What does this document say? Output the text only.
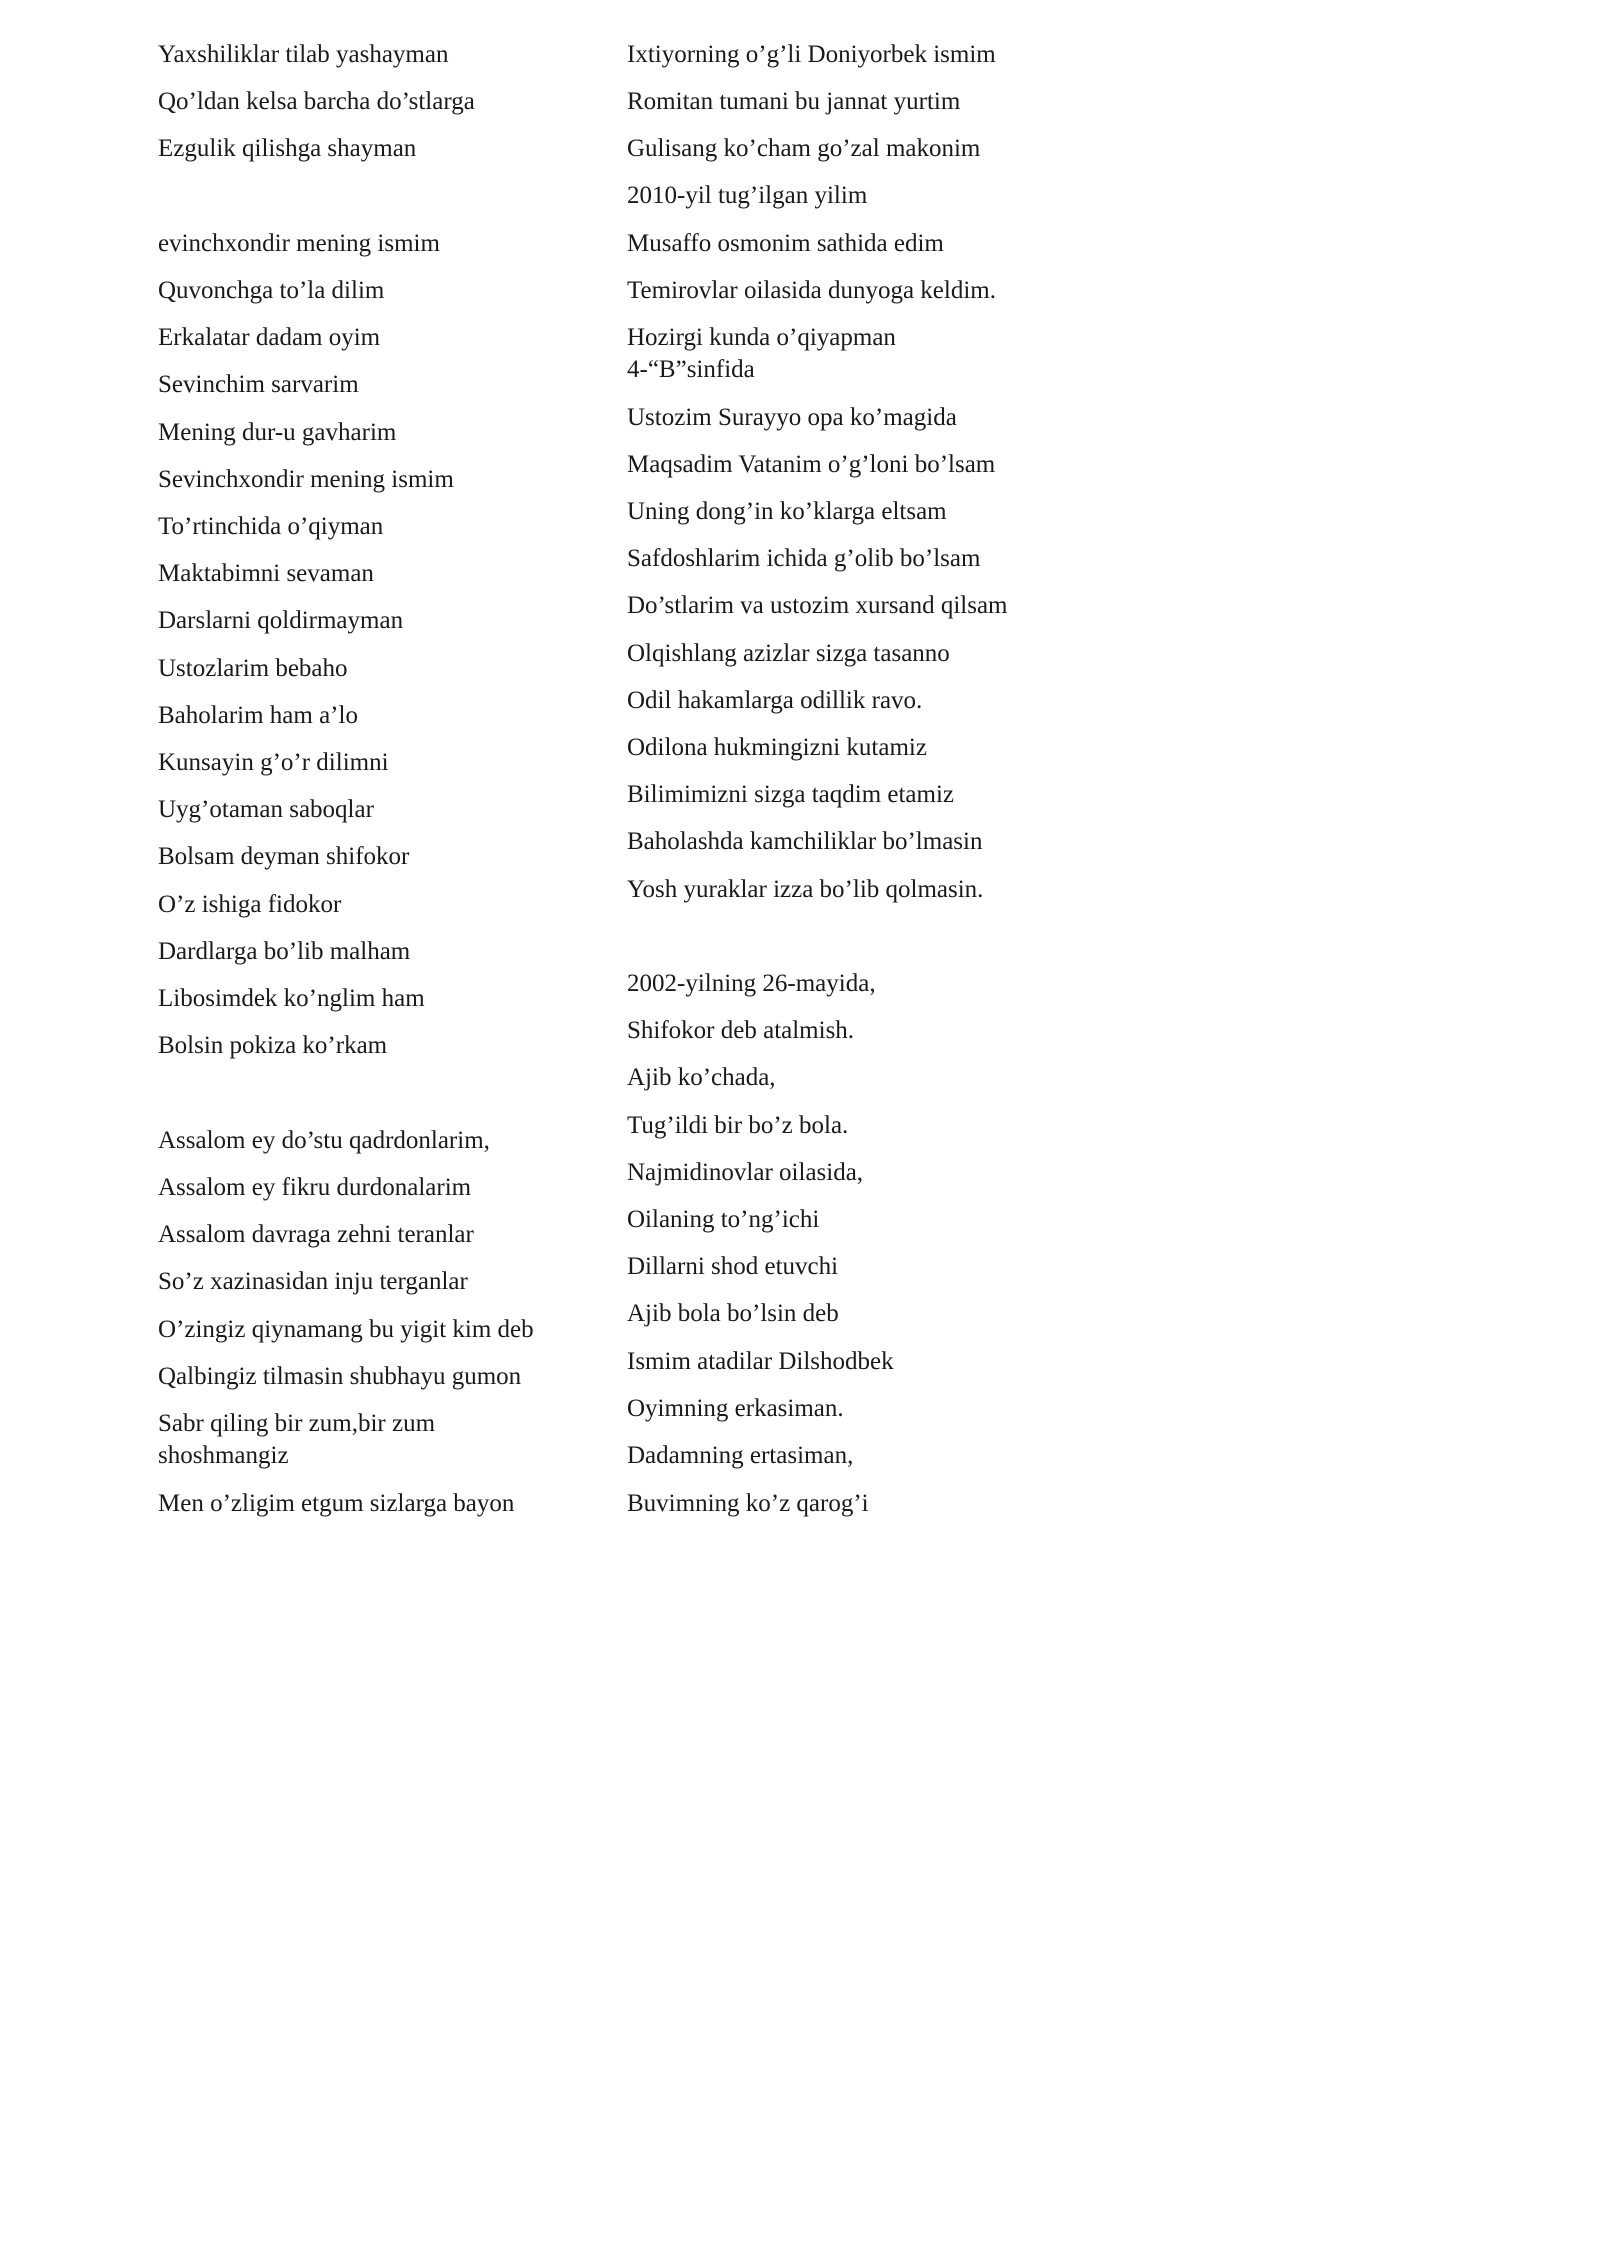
Yaxshiliklar tilab yashayman
Qo’ldan kelsa barcha do’stlarga
Ezgulik qilishga shayman
evinchxondir mening ismim
Quvonchga to’la dilim
Erkalatar dadam oyim
Sevinchim sarvarim
Mening dur-u gavharim
Sevinchxondir mening ismim
To’rtinchida o’qiyman
Maktabimni sevaman
Darslarni qoldirmayman
Ustozlarim bebaho
Baholarim ham a’lo
Kunsayin g’o’r dilimni
Uyg’otaman saboqlar
Bolsam deyman shifokor
O’z ishiga fidokor
Dardlarga bo’lib malham
Libosimdek ko’nglim ham
Bolsin pokiza ko’rkam
Assalom ey do’stu qadrdonlarim,
Assalom ey fikru durdonalarim
Assalom davraga zehni teranlar
So’z xazinasidan inju terganlar
O’zingiz qiynamang bu yigit kim deb
Qalbingiz tilmasin shubhayu gumon
Sabr qiling bir zum,bir zum shoshmangiz
Men o’zligim etgum sizlarga bayon
Ixtiyorning o’g’li Doniyorbek ismim
Romitan tumani bu jannat yurtim
Gulisang ko’cham go’zal makonim
2010-yil tug’ilgan yilim
Musaffo osmonim sathida edim
Temirovlar oilasida dunyoga keldim.
Hozirgi kunda o’qiyapman 4-“B”sinfida
Ustozim Surayyo opa ko’magida
Maqsadim Vatanim o’g’loni bo’lsam
Uning dong’in ko’klarga eltsam
Safdoshlarim ichida g’olib bo’lsam
Do’stlarim va ustozim xursand qilsam
Olqishlang azizlar sizga tasanno
Odil hakamlarga odillik ravo.
Odilona hukmingizni kutamiz
Bilimimizni sizga taqdim etamiz
Baholashda kamchiliklar bo’lmasin
Yosh yuraklar izza bo’lib qolmasin.
2002-yilning 26-mayida,
Shifokor deb atalmish.
Ajib ko’chada,
Tug’ildi bir bo’z bola.
Najmidinovlar oilasida,
Oilaning to’ng’ichi
Dillarni shod etuvchi
Ajib bola bo’lsin deb
Ismim atadilar Dilshodbek
Oyimning erkasiman.
Dadamning ertasiman,
Buvimning ko’z qarog’i
